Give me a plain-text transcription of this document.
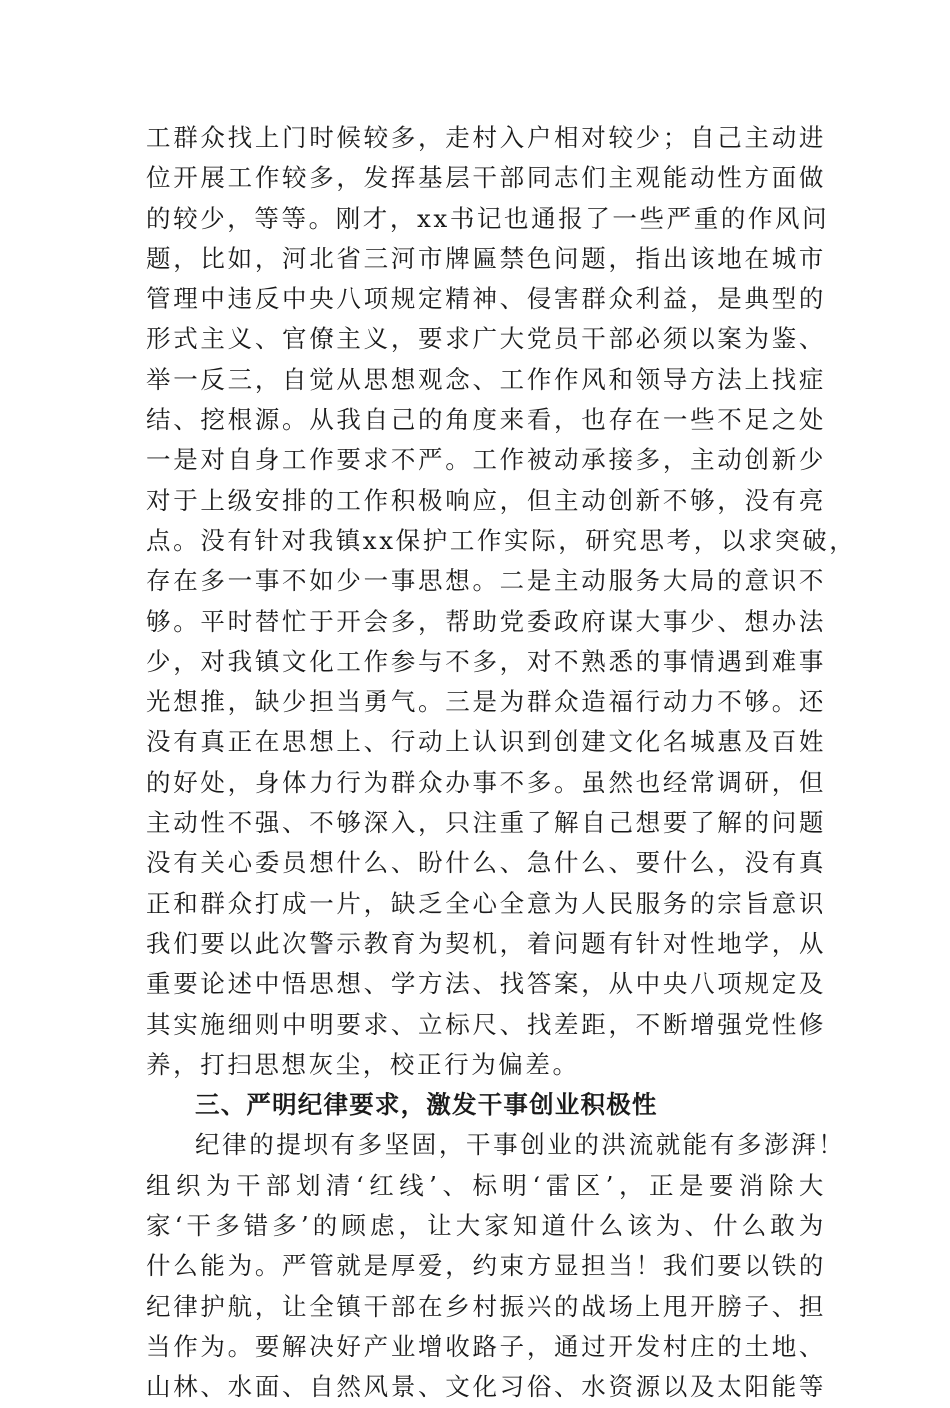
工群众找上门时候较多，走村入户相对较少；自己主动进
位开展工作较多，发挥基层干部同志们主观能动性方面做
的较少，等等。刚才，xx书记也通报了一些严重的作风问
题，比如，河北省三河市牌匾禁色问题，指出该地在城市
管理中违反中央八项规定精神、侵害群众利益，是典型的
形式主义、官僚主义，要求广大党员干部必须以案为鉴、
举一反三，自觉从思想观念、工作作风和领导方法上找症
结、挖根源。从我自己的角度来看，也存在一些不足之处
一是对自身工作要求不严。工作被动承接多，主动创新少
对于上级安排的工作积极响应，但主动创新不够，没有亮
点。没有针对我镇xx保护工作实际，研究思考，以求突破，
存在多一事不如少一事思想。二是主动服务大局的意识不
够。平时替忙于开会多，帮助党委政府谋大事少、想办法
少，对我镇文化工作参与不多，对不熟悉的事情遇到难事
光想推，缺少担当勇气。三是为群众造福行动力不够。还
没有真正在思想上、行动上认识到创建文化名城惠及百姓
的好处，身体力行为群众办事不多。虽然也经常调研，但
主动性不强、不够深入，只注重了解自己想要了解的问题
没有关心委员想什么、盼什么、急什么、要什么，没有真
正和群众打成一片，缺乏全心全意为人民服务的宗旨意识
我们要以此次警示教育为契机，着问题有针对性地学，从
重要论述中悟思想、学方法、找答案，从中央八项规定及
其实施细则中明要求、立标尺、找差距，不断增强党性修
养，打扫思想灰尘，校正行为偏差。
三、严明纪律要求，激发干事创业积极性
纪律的提坝有多坚固，干事创业的洪流就能有多澎湃！
组织为干部划清‘红线’、标明‘雷区’，正是要消除大
家‘干多错多’的顾虑，让大家知道什么该为、什么敢为
什么能为。严管就是厚爱，约束方显担当！我们要以铁的
纪律护航，让全镇干部在乡村振兴的战场上甩开膀子、担
当作为。要解决好产业增收路子，通过开发村庄的土地、
山林、水面、自然风景、文化习俗、水资源以及太阳能等
